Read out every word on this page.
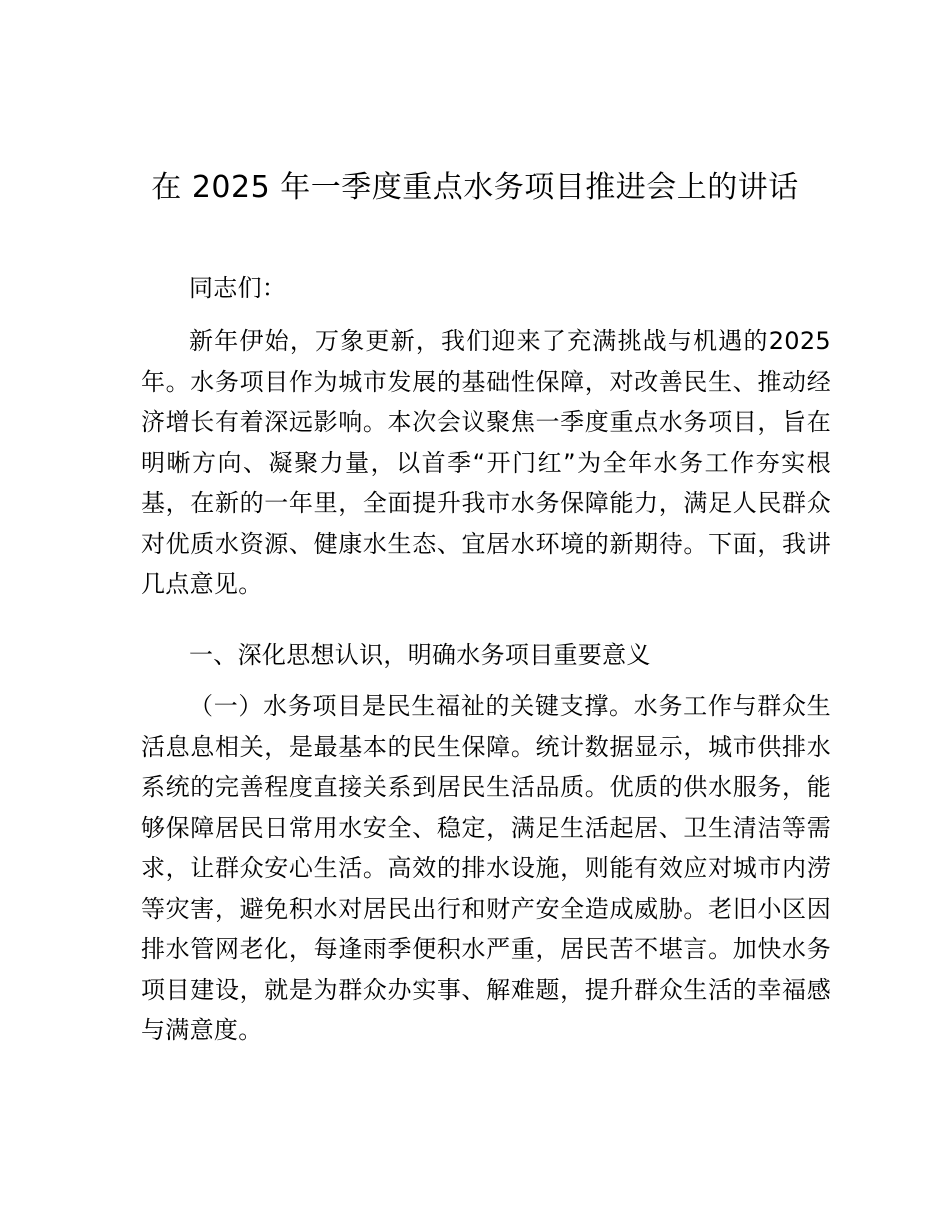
在 2025 年一季度重点水务项目推进会上的讲话

同志们：

新年伊始，万象更新，我们迎来了充满挑战与机遇的2025 年。水务项目作为城市发展的基础性保障，对改善民生、推动经济增长有着深远影响。本次会议聚焦一季度重点水务项目，旨在明晰方向、凝聚力量，以首季“开门红”为全年水务工作夯实根基，在新的一年里，全面提升我市水务保障能力，满足人民群众对优质水资源、健康水生态、宜居水环境的新期待。下面，我讲几点意见。

一、深化思想认识，明确水务项目重要意义

（一）水务项目是民生福祉的关键支撑。水务工作与群众生活息息相关，是最基本的民生保障。统计数据显示，城市供排水系统的完善程度直接关系到居民生活品质。优质的供水服务，能够保障居民日常用水安全、稳定，满足生活起居、卫生清洁等需求，让群众安心生活。高效的排水设施，则能有效应对城市内涝等灾害，避免积水对居民出行和财产安全造成威胁。老旧小区因排水管网老化，每逢雨季便积水严重，居民苦不堪言。加快水务项目建设，就是为群众办实事、解难题，提升群众生活的幸福感与满意度。
